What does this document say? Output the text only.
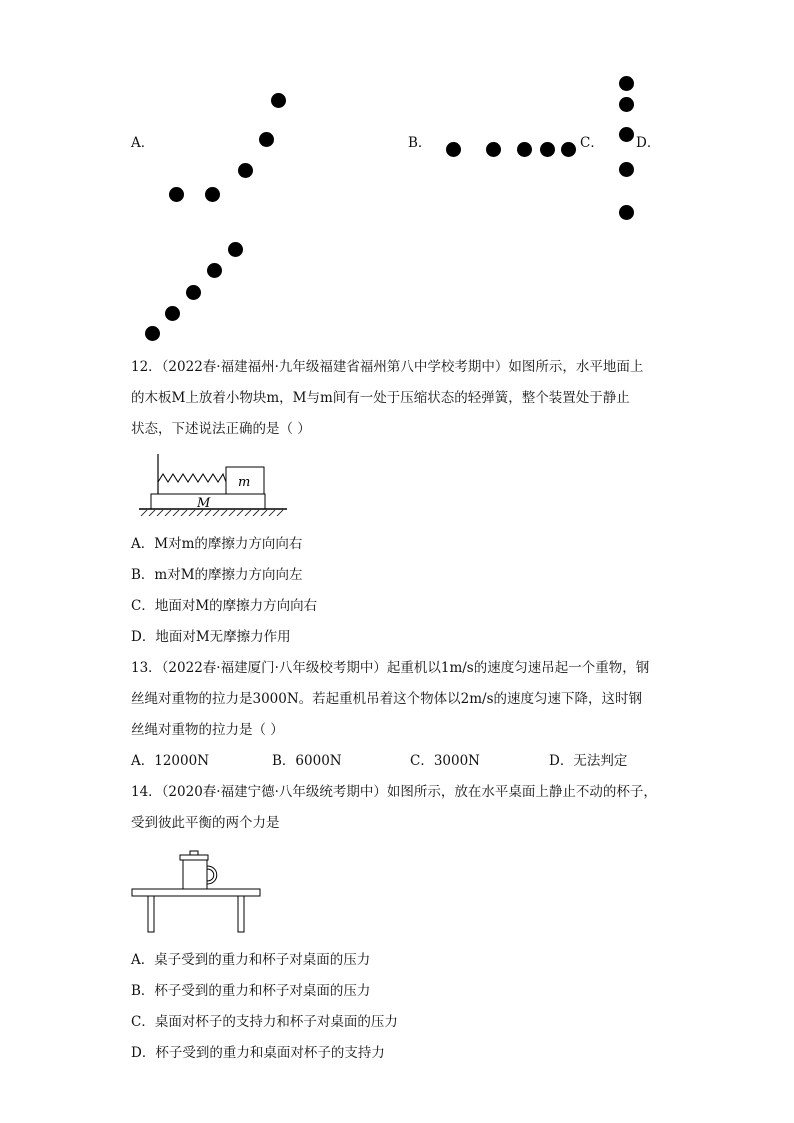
A．	B．	C． D．
12．（2022春·福建福州·九年级福建省福州第八中学校考期中）如图所示，水平地面上
的木板M上放着小物块m，M与m间有一处于压缩状态的轻弹簧，整个装置处于静止
状态，下述说法正确的是（ ）
m
M
A．M对m的摩擦力方向向右
B．m对M的摩擦力方向向左
C．地面对M的摩擦力方向向右
D．地面对M无摩擦力作用
13．（2022春·福建厦门·八年级校考期中）起重机以1m/s的速度匀速吊起一个重物，钢
丝绳对重物的拉力是3000N。若起重机吊着这个物体以2m/s的速度匀速下降，这时钢
丝绳对重物的拉力是（ ）
A．12000N	B．6000N	C．3000N	D．无法判定
14．（2020春·福建宁德·八年级统考期中）如图所示，放在水平桌面上静止不动的杯子，
受到彼此平衡的两个力是
A．桌子受到的重力和杯子对桌面的压力
B．杯子受到的重力和杯子对桌面的压力
C．桌面对杯子的支持力和杯子对桌面的压力
D．杯子受到的重力和桌面对杯子的支持力
